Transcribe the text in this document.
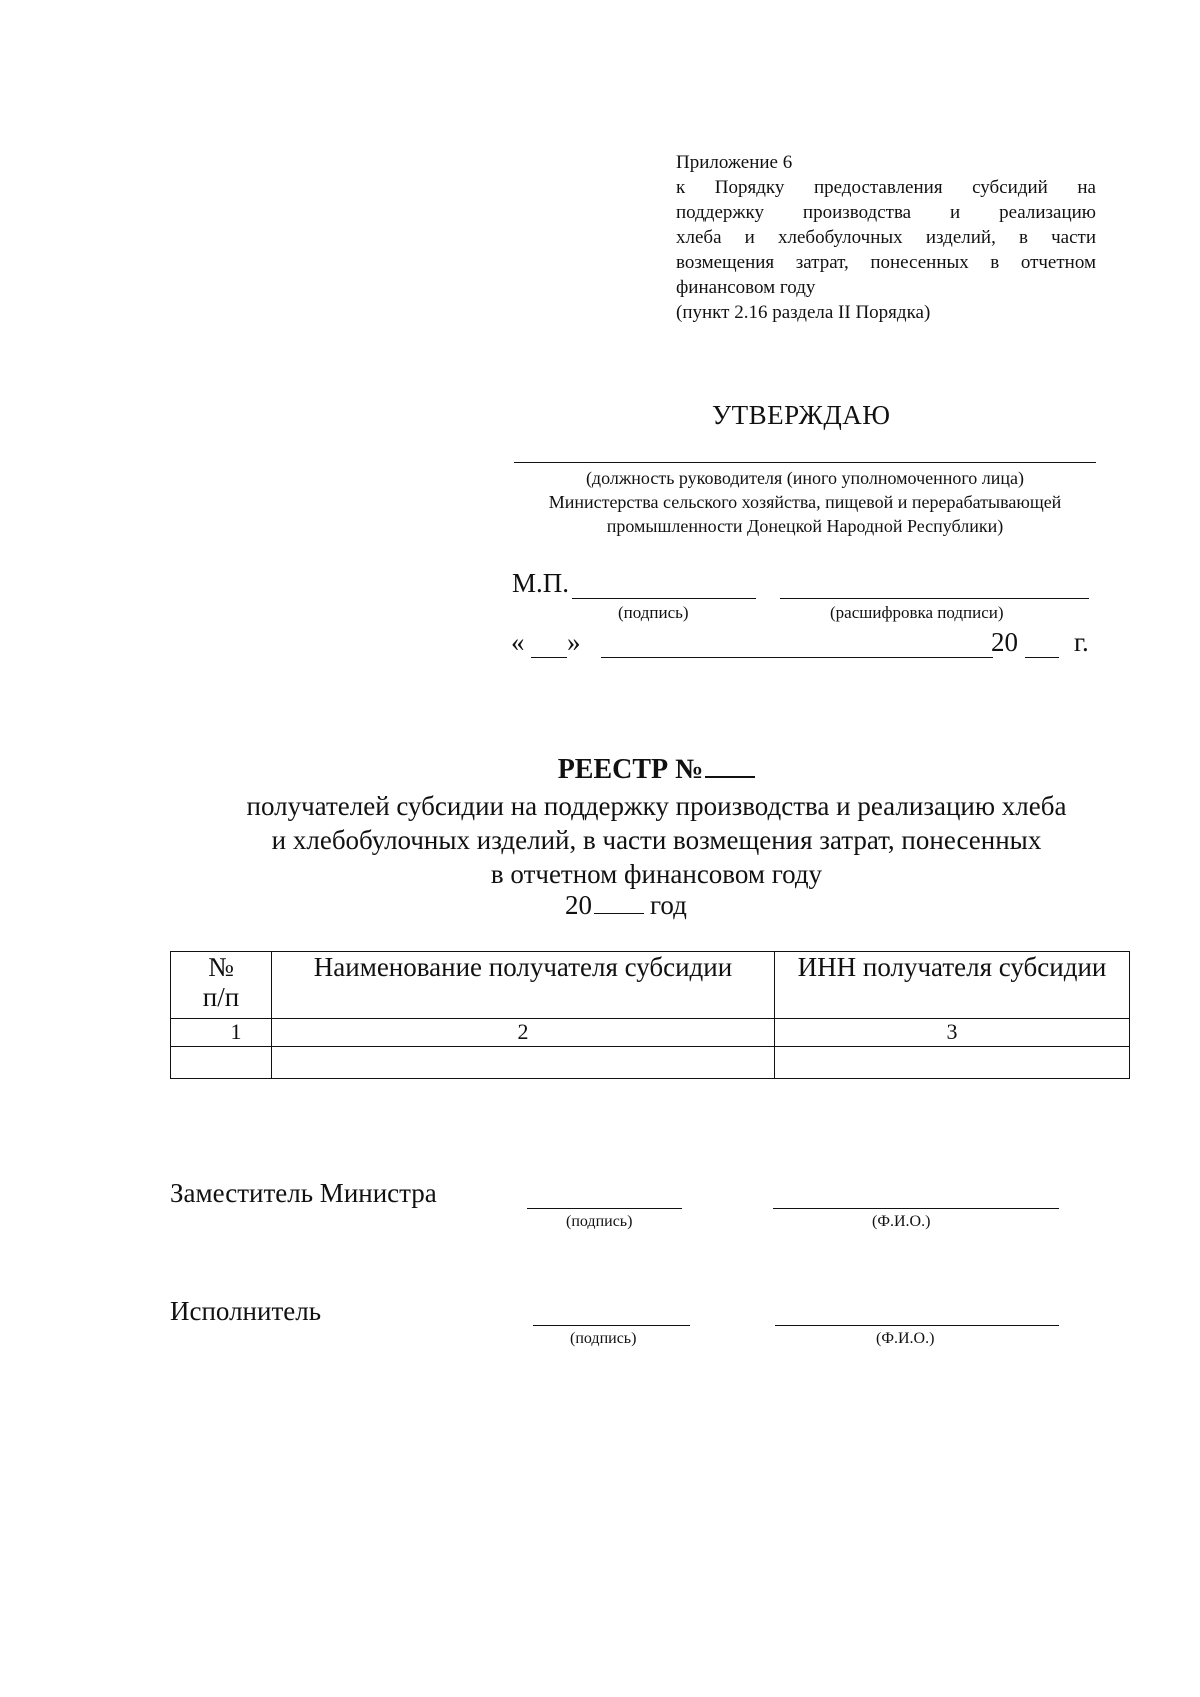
Приложение 6
к Порядку предоставления субсидий на
поддержку производства и реализацию
хлеба и хлебобулочных изделий, в части
возмещения затрат, понесенных в отчетном
финансовом году
(пункт 2.16 раздела II Порядка)
УТВЕРЖДАЮ
(должность руководителя (иного уполномоченного лица)
Министерства сельского хозяйства, пищевой и перерабатывающей
промышленности Донецкой Народной Республики)
М.П.
(подпись)	(расшифровка подписи)
« »	20 г.
РЕЕСТР №
получателей субсидии на поддержку производства и реализацию хлеба
и хлебобулочных изделий, в части возмещения затрат, понесенных
в отчетном финансовом году
20 год
№
п/п	Наименование получателя субсидии	ИНН получателя субсидии
1	2	3

Заместитель Министра
(подпись)	(Ф.И.О.)
Исполнитель
(подпись)	(Ф.И.О.)
